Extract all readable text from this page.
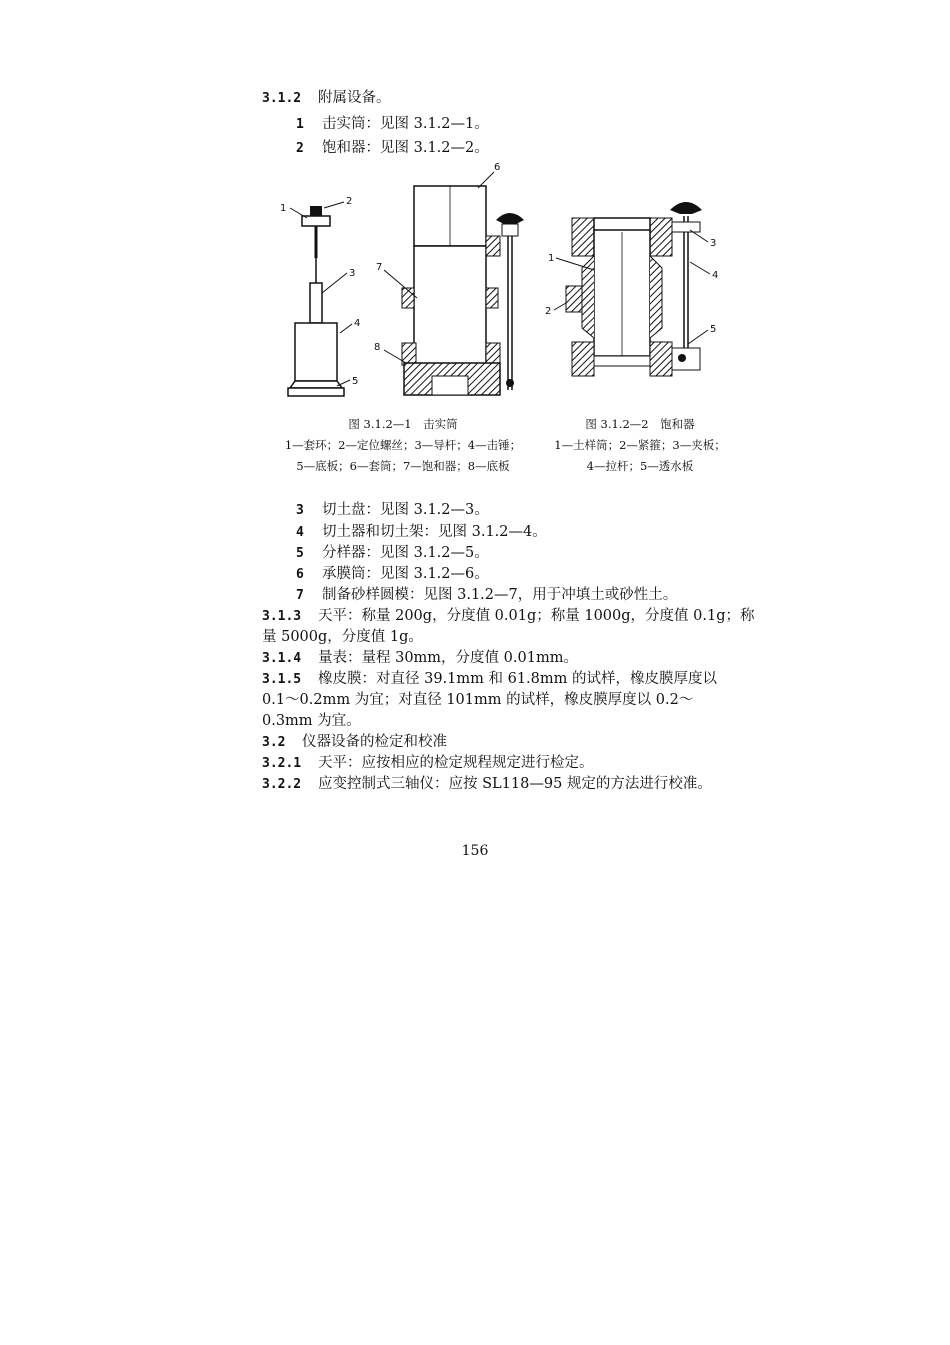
3.1.2 附属设备。
1 击实筒：见图 3.1.2—1。
2 饱和器：见图 3.1.2—2。
1
2
3
4
5
6
7
8
1
2
3
4
5
图 3.1.2—1　击实筒
1—套环；2—定位螺丝；3—导杆；4—击锤；
5—底板；6—套筒；7—饱和器；8—底板
图 3.1.2—2　饱和器
1—土样筒；2—紧箍；3—夹板；
4—拉杆；5—透水板
3 切土盘：见图 3.1.2—3。
4 切土器和切土架：见图 3.1.2—4。
5 分样器：见图 3.1.2—5。
6 承膜筒：见图 3.1.2—6。
7 制备砂样圆模：见图 3.1.2—7，用于冲填土或砂性土。
3.1.3 天平：称量 200g，分度值 0.01g；称量 1000g，分度值 0.1g；称
量 5000g，分度值 1g。
3.1.4 量表：量程 30mm，分度值 0.01mm。
3.1.5 橡皮膜：对直径 39.1mm 和 61.8mm 的试样，橡皮膜厚度以
0.1～0.2mm 为宜；对直径 101mm 的试样，橡皮膜厚度以 0.2～
0.3mm 为宜。
3.2 仪器设备的检定和校准
3.2.1 天平：应按相应的检定规程规定进行检定。
3.2.2 应变控制式三轴仪：应按 SL118—95 规定的方法进行校准。
156
